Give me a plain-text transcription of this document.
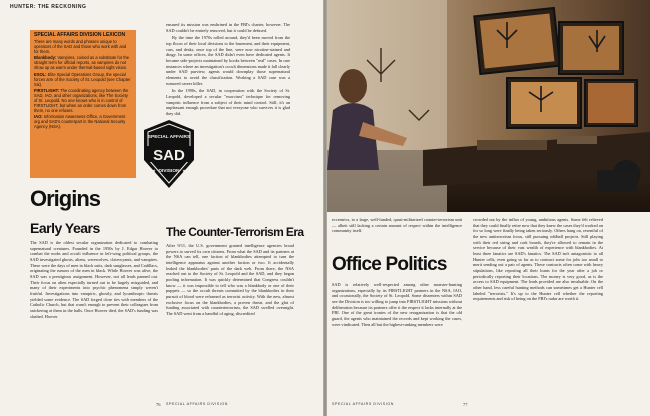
HUNTER: THE RECKONING
SPECIAL AFFAIRS DIVISION LEXICON

There are many words and phrases unique to operators of the SAD and those who work with and for them.

Blankbody: Vampires, coined as a substitute for the straight term for official reports, as vampires do not show up as warm under thermal-based sight vision.

ESOL: Elite Special Operations Group, the special forces arm of the Society of St. Leopold (see Chapter Six).

FIRSTLIGHT: The coordinating agency between the SAD, IAO, and other organizations, like The Society of St. Leopold. No one knows who is in control of FIRSTLIGHT, but when an order comes down from them, no one refuses.

IAO: Information Awareness Office, a Government org and SAD's counterpart in the National Security Agency (NSA).

ensured its mission was enshrined in the FBI's charter, however. The SAD couldn't be entirely removed, but it could be defused.

By the time the 1970s rolled around, they'd been moved from the top floors of their local divisions to the basement, and their equipment, cars, and desks, once top of the line, were now nicotine-stained and dingy. In some offices, the SAD didn't even have dedicated agents. It became side-projects maintained by kooks between "real" cases. In rare instances where an investigation's occult dimensions made it fall clearly under SAD purview, agents would downplay those supernatural elements to avoid the classification. Working a SAD case was a rumored career killer.

In the 1990s, the SAD, in cooperation with the Society of St. Leopold, developed a secular "exorcism" technique for removing vampiric influence from a subject of their mind control. Still, it's an unpleasant enough procedure that not everyone who survives it is glad they did.

SPECIAL AFFAIRS
SAD
DIVISION
★	★
Origins
Early Years

The SAD is the oldest secular organization dedicated to combating supernatural creatures. Founded in the 1950s by J. Edgar Hoover to combat the mobs and occult influence in left-wing political groups, the SAD investigated ghosts, aliens, werewolves, clairvoyants, and vampires. These were the days of men in black suits, dark sunglasses, and Cadillacs, originating the rumors of the men in black. While Hoover was alive, the SAD was a prestigious assignment. However, not all leads panned out. Their focus on alien especially turned out to be largely misguided, and many of their experiments into psychic phenomena simply weren't fruitful. Investigations into vampiric, ghostly, and lycanthropic threats yielded some evidence. The SAD forged close ties with members of the Catholic Church, but that wasn't enough to prevent their colleagues from snickering at them in the halls. Once Hoover died, the SAD's funding was slashed. Hoover

The Counter-Terrorism Era

After 9/11, the U.S. government granted intelligence agencies broad powers to surveil its own citizens. From what the SAD and its partners at the NSA can tell, one faction of blankbodies attempted to turn the intelligence apparatus against another faction or two. It accidentally leaked the blankbodies' parts of the dark web. From there, the NSA reached out to the Society of St. Leopold and the SAD, and they began pooling information. It was quickly determined that Congress couldn't know — it was impossible to tell who was a blankbody or one of their puppets — so the occult threats committed by the blankbodies in their pursuit of blood were reframed as terrorist activity. With the new, almost exclusive focus on the blankbodies, a proven threat, and the glut of funding associated with counterterrorism, the SAD swelled overnight. The SAD went from a handful of aging, discredited

SPECIAL AFFAIRS DIVISION
76

eccentrics, to a large, well-funded, quasi-militarized counter-terrorism unit — albeit still lacking a certain amount of respect within the intelligence community itself.

Office Politics

SAD is relatively well-respected among other monster-hunting organizations, especially by its FIRSTLIGHT partners in the NSA, IAO, and occasionally, the Society of St. Leopold. Some dissenters within SAD see the Division is too willing to jump into FIRSTLIGHT missions without deliberation because its partners offer it the respect it lacks internally at the FBI. One of the great ironies of the new reorganization is that the old guard, the agents who maintained the records and kept working the cases, were vindicated. Then all but the highest-ranking members were

crowded out by the influx of young, ambitious agents. Some felt relieved that they could finally retire now that they knew the cases they'd worked on for so long were finally being taken seriously. Others hang on, resentful of the new antiterrorism focus, still pursuing oddball projects. Still playing with their red string and cork boards, they're allowed to remain in the service because of their vast wealth of experience with blankbodies. At least three fanatics are SAD's fanatics. The SAD isn't antagonistic to all Hunter cells, even going so far as to contract some for jobs too small to merit sending out a pair of agents. These contracts often come with heavy stipulations, like reporting all their hunts for the year after a job or periodically reporting their locations. The money is very good, as is the access to SAD equipment. The leads provided are also invaluable. On the other hand, less careful hunting methods can sometimes get a Hunter cell labeled "terrorists." It's up to the Hunter cell whether the reporting requirements and risk of being on the FBI's radar are worth it.

SPECIAL AFFAIRS DIVISION	77
